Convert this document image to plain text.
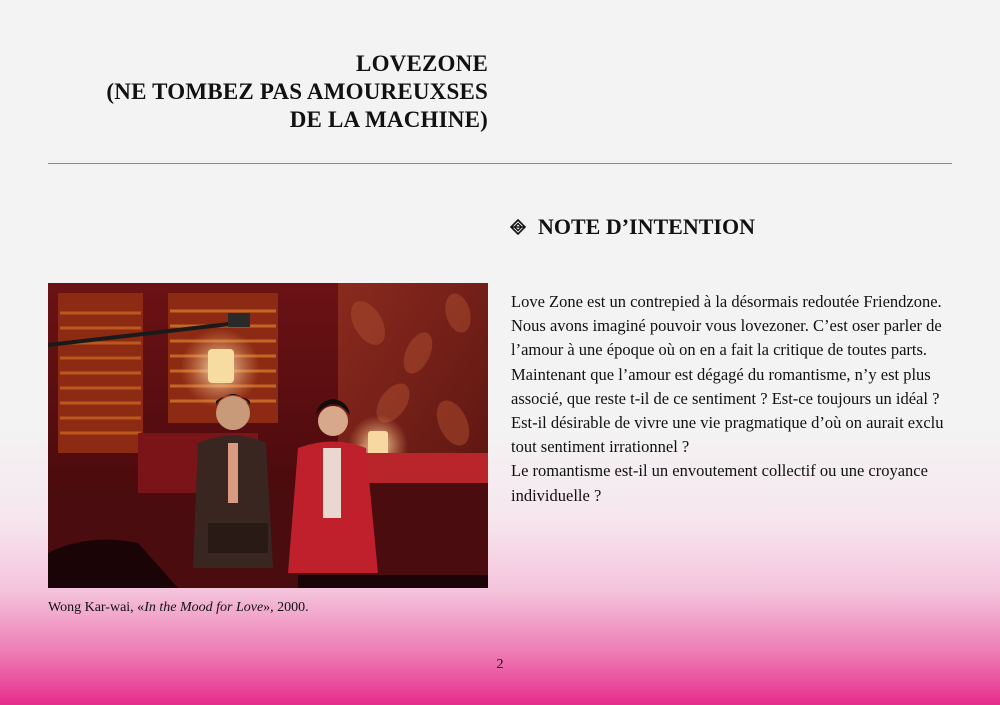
LOVEZONE
(NE TOMBEZ PAS AMOUREUXSES
DE LA MACHINE)
NOTE D’INTENTION

Love Zone est un contrepied à la désormais redoutée Friendzone. Nous avons imaginé pouvoir vous lovezoner. C’est oser parler de l’amour à une époque où on en a fait la critique de toutes parts. Maintenant que l’amour est dégagé du romantisme, n’y est plus associé, que reste t-il de ce sentiment ? Est-ce toujours un idéal ? Est-il désirable de vivre une vie pragmatique d’où on aurait exclu tout sentiment irrationnel ?

Le romantisme est-il un envoutement collectif ou une croyance individuelle ?

Wong Kar-wai, «In the Mood for Love», 2000.
2
